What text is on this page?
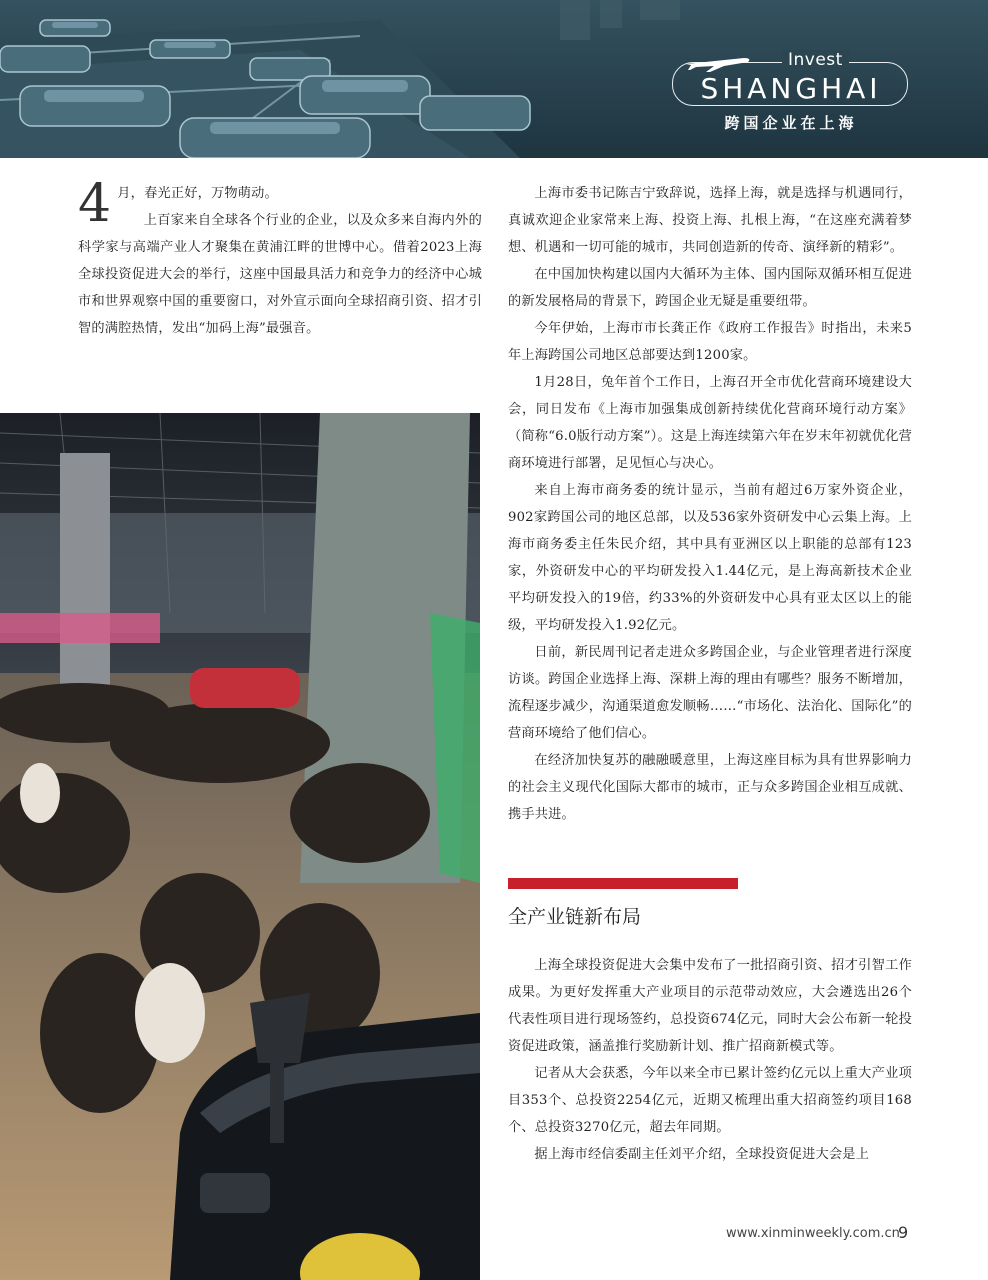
Invest
SHANGHAI
跨国企业在上海

4 月，春光正好，万物萌动。
上百家来自全球各个行业的企业，以及众多来自海内外的科学家与高端产业人才聚集在黄浦江畔的世博中心。借着2023上海全球投资促进大会的举行，这座中国最具活力和竞争力的经济中心城市和世界观察中国的重要窗口，对外宣示面向全球招商引资、招才引智的满腔热情，发出“加码上海”最强音。

上海市委书记陈吉宁致辞说，选择上海，就是选择与机遇同行，真诚欢迎企业家常来上海、投资上海、扎根上海，“在这座充满着梦想、机遇和一切可能的城市，共同创造新的传奇、演绎新的精彩”。

在中国加快构建以国内大循环为主体、国内国际双循环相互促进的新发展格局的背景下，跨国企业无疑是重要纽带。

今年伊始，上海市市长龚正作《政府工作报告》时指出，未来5年上海跨国公司地区总部要达到1200家。

1月28日，兔年首个工作日，上海召开全市优化营商环境建设大会，同日发布《上海市加强集成创新持续优化营商环境行动方案》（简称“6.0版行动方案”）。这是上海连续第六年在岁末年初就优化营商环境进行部署，足见恒心与决心。

来自上海市商务委的统计显示，当前有超过6万家外资企业，902家跨国公司的地区总部，以及536家外资研发中心云集上海。上海市商务委主任朱民介绍，其中具有亚洲区以上职能的总部有123家，外资研发中心的平均研发投入1.44亿元，是上海高新技术企业平均研发投入的19倍，约33%的外资研发中心具有亚太区以上的能级，平均研发投入1.92亿元。

日前，新民周刊记者走进众多跨国企业，与企业管理者进行深度访谈。跨国企业选择上海、深耕上海的理由有哪些？服务不断增加，流程逐步减少，沟通渠道愈发顺畅……“市场化、法治化、国际化”的营商环境给了他们信心。

在经济加快复苏的融融暖意里，上海这座目标为具有世界影响力的社会主义现代化国际大都市的城市，正与众多跨国企业相互成就、携手共进。

全产业链新布局

上海全球投资促进大会集中发布了一批招商引资、招才引智工作成果。为更好发挥重大产业项目的示范带动效应，大会遴选出26个代表性项目进行现场签约，总投资674亿元，同时大会公布新一轮投资促进政策，涵盖推行奖励新计划、推广招商新模式等。

记者从大会获悉，今年以来全市已累计签约亿元以上重大产业项目353个、总投资2254亿元，近期又梳理出重大招商签约项目168个、总投资3270亿元，超去年同期。

据上海市经信委副主任刘平介绍，全球投资促进大会是上

www.xinminweekly.com.cn
9
